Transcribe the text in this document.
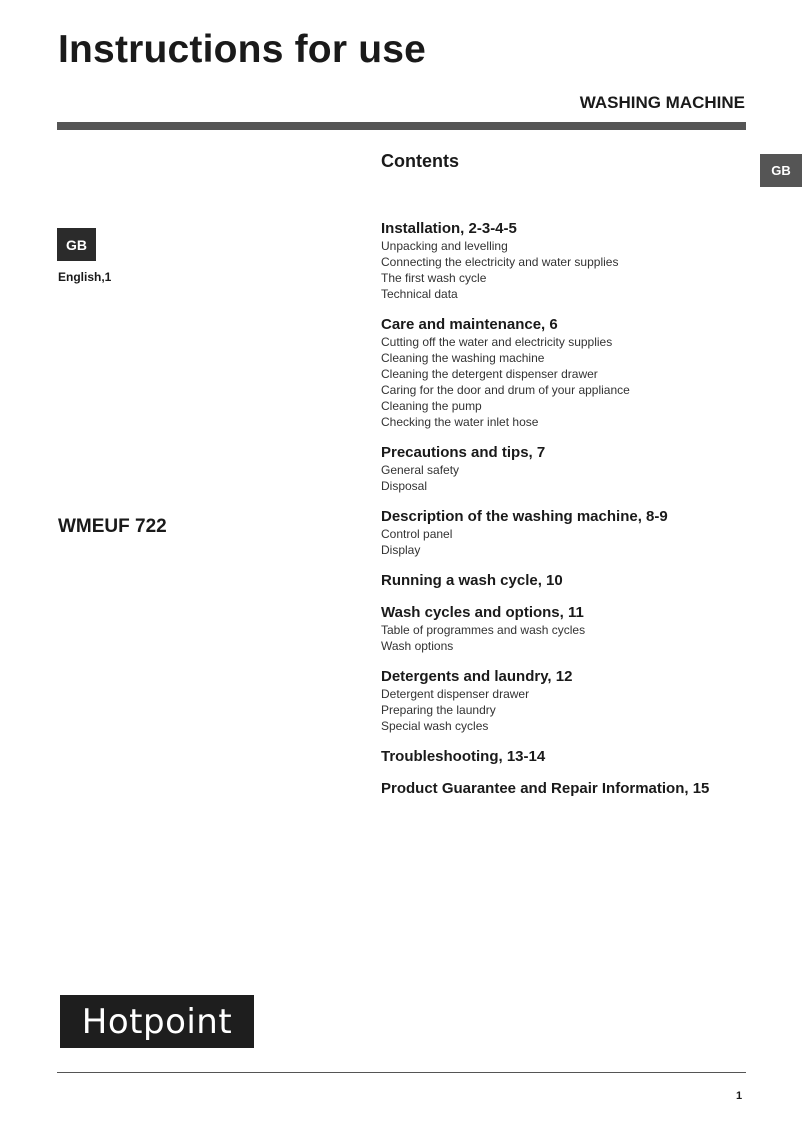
Instructions for use
WASHING MACHINE
GB
GB
English,1
WMEUF 722
Contents
Installation, 2-3-4-5
Unpacking and levelling
Connecting the electricity and water supplies
The first wash cycle
Technical data
Care and maintenance, 6
Cutting off the water and electricity supplies
Cleaning the washing machine
Cleaning the detergent dispenser drawer
Caring for the door and drum of your appliance
Cleaning the pump
Checking the water inlet hose
Precautions and tips, 7
General safety
Disposal
Description of the washing machine, 8-9
Control panel
Display
Running a wash cycle, 10
Wash cycles and options, 11
Table of programmes and wash cycles
Wash options
Detergents and laundry, 12
Detergent dispenser drawer
Preparing the laundry
Special wash cycles
Troubleshooting, 13-14
Product Guarantee and Repair Information, 15
Hotpoint
1
